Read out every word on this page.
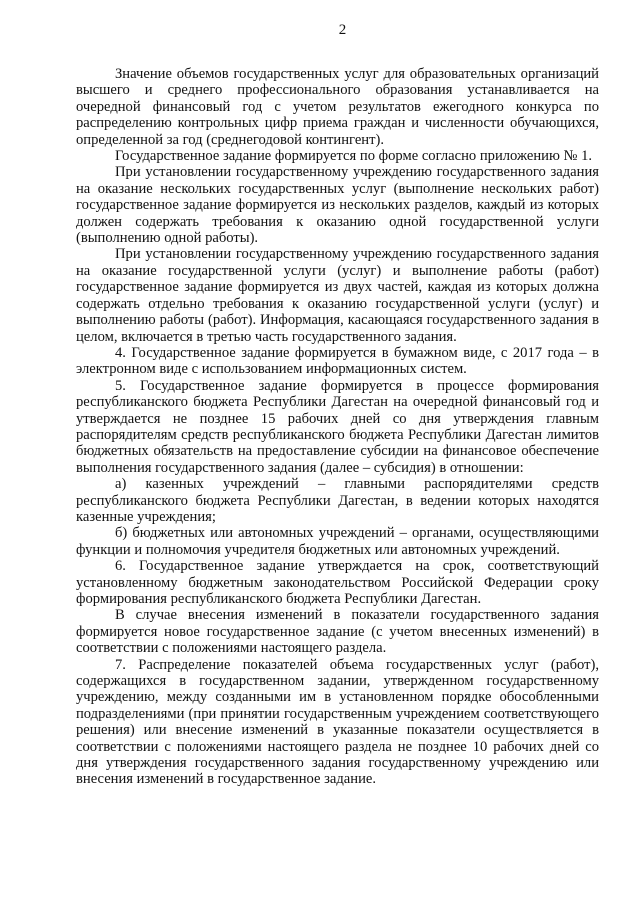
2

Значение объемов государственных услуг для образовательных организаций высшего и среднего профессионального образования устанавливается на очередной финансовый год с учетом результатов ежегодного конкурса по распределению контрольных цифр приема граждан и численности обучающихся, определенной за год (среднегодовой контингент).

Государственное задание формируется по форме согласно приложению № 1.

При установлении государственному учреждению государственного задания на оказание нескольких государственных услуг (выполнение нескольких работ) государственное задание формируется из нескольких разделов, каждый из которых должен содержать требования к оказанию одной государственной услуги (выполнению одной работы).

При установлении государственному учреждению государственного задания на оказание государственной услуги (услуг) и выполнение работы (работ) государственное задание формируется из двух частей, каждая из которых должна содержать отдельно требования к оказанию государственной услуги (услуг) и выполнению работы (работ). Информация, касающаяся государственного задания в целом, включается в третью часть государственного задания.

4. Государственное задание формируется в бумажном виде, с 2017 года – в электронном виде с использованием информационных систем.

5. Государственное задание формируется в процессе формирования республиканского бюджета Республики Дагестан на очередной финансовый год и утверждается не позднее 15 рабочих дней со дня утверждения главным распорядителям средств республиканского бюджета Республики Дагестан лимитов бюджетных обязательств на предоставление субсидии на финансовое обеспечение выполнения государственного задания (далее – субсидия) в отношении:

а) казенных учреждений – главными распорядителями средств республиканского бюджета Республики Дагестан, в ведении которых находятся казенные учреждения;

б) бюджетных или автономных учреждений – органами, осуществляющими функции и полномочия учредителя бюджетных или автономных учреждений.

6. Государственное задание утверждается на срок, соответствующий установленному бюджетным законодательством Российской Федерации сроку формирования республиканского бюджета Республики Дагестан.

В случае внесения изменений в показатели государственного задания формируется новое государственное задание (с учетом внесенных изменений) в соответствии с положениями настоящего раздела.

7. Распределение показателей объема государственных услуг (работ), содержащихся в государственном задании, утвержденном государственному учреждению, между созданными им в установленном порядке обособленными подразделениями (при принятии государственным учреждением соответствующего решения) или внесение изменений в указанные показатели осуществляется в соответствии с положениями настоящего раздела не позднее 10 рабочих дней со дня утверждения государственного задания государственному учреждению или внесения изменений в государственное задание.
